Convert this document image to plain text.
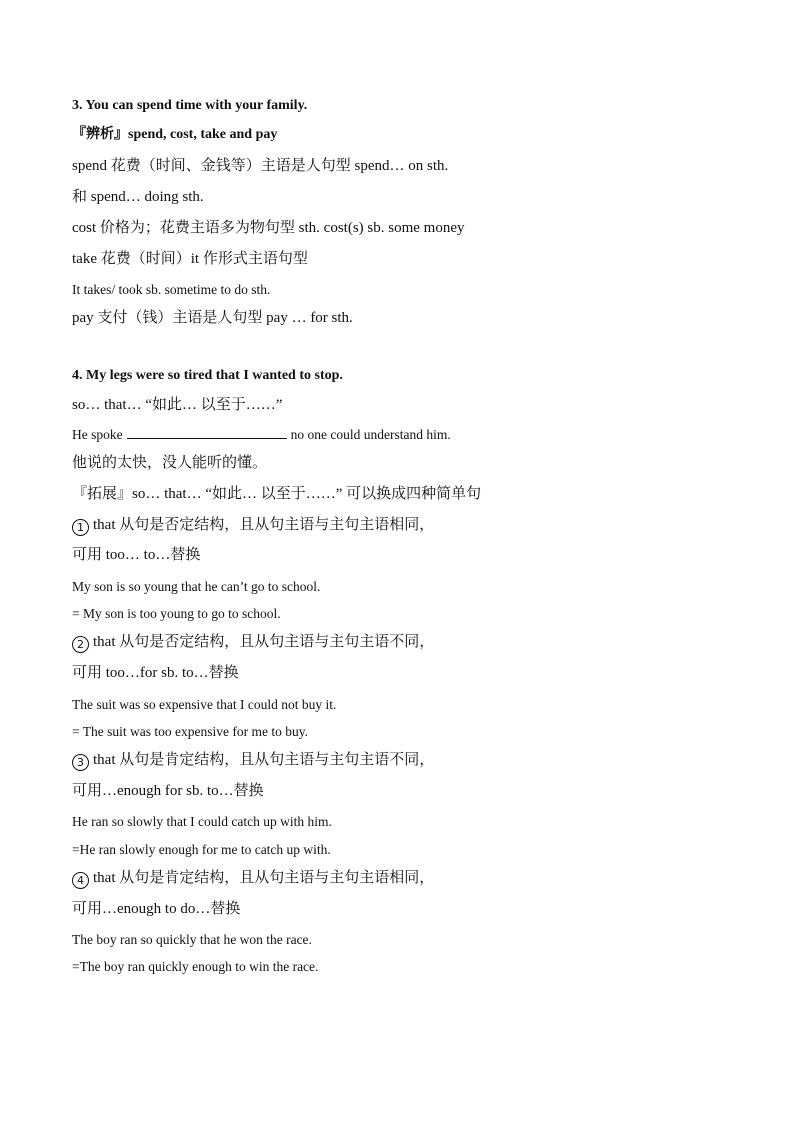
3. You can spend time with your family.
『辨析』spend, cost, take and pay
spend 花费（时间、金钱等）主语是人句型 spend… on sth.
和 spend… doing sth.
cost 价格为；花费主语多为物句型 sth. cost(s) sb. some money
take 花费（时间）it 作形式主语句型
It takes/ took sb. sometime to do sth.
pay 支付（钱）主语是人句型 pay … for sth.
4. My legs were so tired that I wanted to stop.
so… that… “如此… 以至于……”
He spoke	no one could understand him.
他说的太快，没人能听的懂。
『拓展』so… that… “如此… 以至于……” 可以换成四种简单句
1 that 从句是否定结构，且从句主语与主句主语相同，
可用 too… to…替换
My son is so young that he can’t go to school.
= My son is too young to go to school.
2 that 从句是否定结构，且从句主语与主句主语不同，
可用 too…for sb. to…替换
The suit was so expensive that I could not buy it.
= The suit was too expensive for me to buy.
3 that 从句是肯定结构，且从句主语与主句主语不同，
可用…enough for sb. to…替换
He ran so slowly that I could catch up with him.
=He ran slowly enough for me to catch up with.
4 that 从句是肯定结构，且从句主语与主句主语相同，
可用…enough to do…替换
The boy ran so quickly that he won the race.
=The boy ran quickly enough to win the race.
